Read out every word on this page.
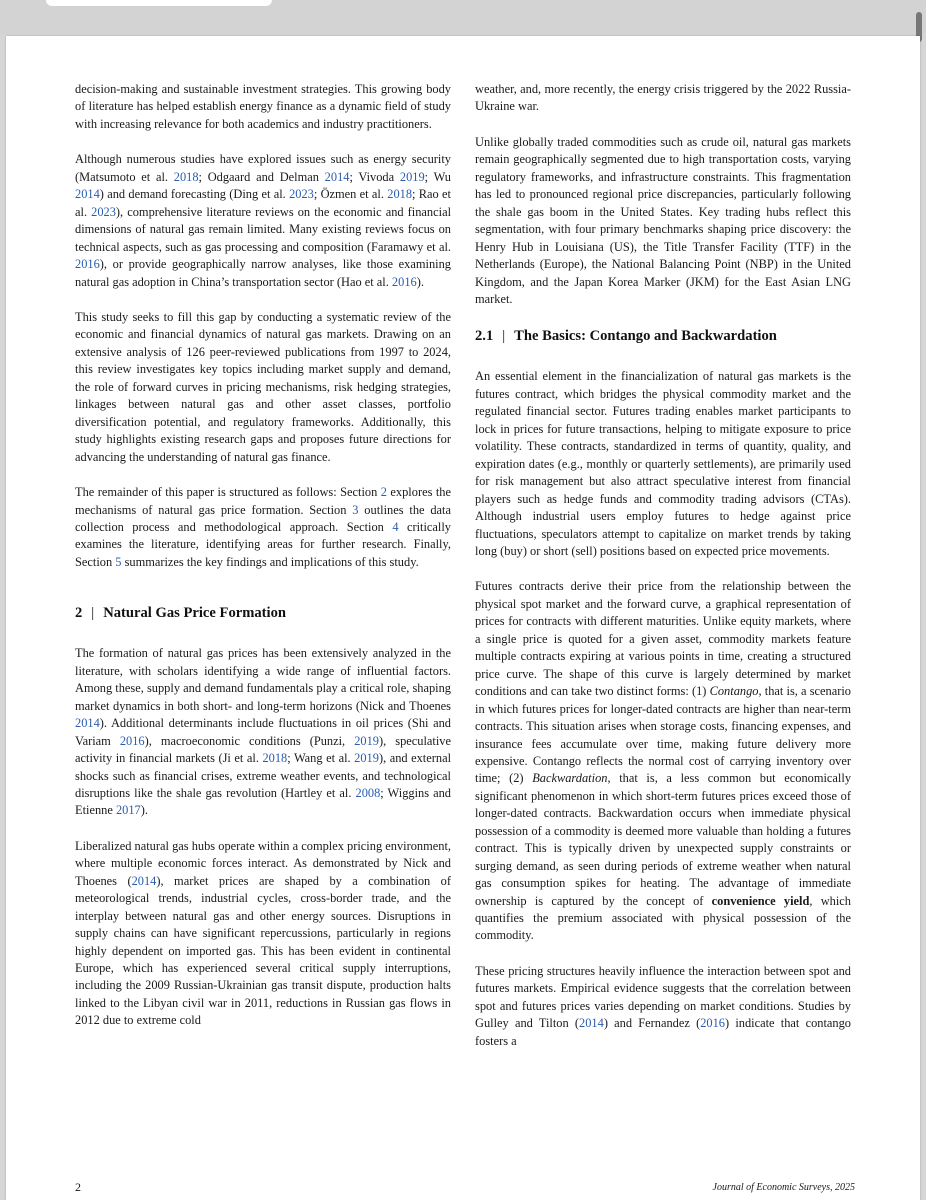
decision-making and sustainable investment strategies. This growing body of literature has helped establish energy finance as a dynamic field of study with increasing relevance for both academics and industry practitioners.

Although numerous studies have explored issues such as energy security (Matsumoto et al. 2018; Odgaard and Delman 2014; Vivoda 2019; Wu 2014) and demand forecasting (Ding et al. 2023; Özmen et al. 2018; Rao et al. 2023), comprehensive literature reviews on the economic and financial dimensions of natural gas remain limited. Many existing reviews focus on technical aspects, such as gas processing and composition (Faramawy et al. 2016), or provide geographically narrow analyses, like those examining natural gas adoption in China’s transportation sector (Hao et al. 2016).

This study seeks to fill this gap by conducting a systematic review of the economic and financial dynamics of natural gas markets. Drawing on an extensive analysis of 126 peer-reviewed publications from 1997 to 2024, this review investigates key topics including market supply and demand, the role of forward curves in pricing mechanisms, risk hedging strategies, linkages between natural gas and other asset classes, portfolio diversification potential, and regulatory frameworks. Additionally, this study highlights existing research gaps and proposes future directions for advancing the understanding of natural gas finance.

The remainder of this paper is structured as follows: Section 2 explores the mechanisms of natural gas price formation. Section 3 outlines the data collection process and methodological approach. Section 4 critically examines the literature, identifying areas for further research. Finally, Section 5 summarizes the key findings and implications of this study.

2 | Natural Gas Price Formation

The formation of natural gas prices has been extensively analyzed in the literature, with scholars identifying a wide range of influential factors. Among these, supply and demand fundamentals play a critical role, shaping market dynamics in both short- and long-term horizons (Nick and Thoenes 2014). Additional determinants include fluctuations in oil prices (Shi and Variam 2016), macroeconomic conditions (Punzi, 2019), speculative activity in financial markets (Ji et al. 2018; Wang et al. 2019), and external shocks such as financial crises, extreme weather events, and technological disruptions like the shale gas revolution (Hartley et al. 2008; Wiggins and Etienne 2017).

Liberalized natural gas hubs operate within a complex pricing environment, where multiple economic forces interact. As demonstrated by Nick and Thoenes (2014), market prices are shaped by a combination of meteorological trends, industrial cycles, cross-border trade, and the interplay between natural gas and other energy sources. Disruptions in supply chains can have significant repercussions, particularly in regions highly dependent on imported gas. This has been evident in continental Europe, which has experienced several critical supply interruptions, including the 2009 Russian-Ukrainian gas transit dispute, production halts linked to the Libyan civil war in 2011, reductions in Russian gas flows in 2012 due to extreme cold

weather, and, more recently, the energy crisis triggered by the 2022 Russia-Ukraine war.

Unlike globally traded commodities such as crude oil, natural gas markets remain geographically segmented due to high transportation costs, varying regulatory frameworks, and infrastructure constraints. This fragmentation has led to pronounced regional price discrepancies, particularly following the shale gas boom in the United States. Key trading hubs reflect this segmentation, with four primary benchmarks shaping price discovery: the Henry Hub in Louisiana (US), the Title Transfer Facility (TTF) in the Netherlands (Europe), the National Balancing Point (NBP) in the United Kingdom, and the Japan Korea Marker (JKM) for the East Asian LNG market.

2.1 | The Basics: Contango and Backwardation

An essential element in the financialization of natural gas markets is the futures contract, which bridges the physical commodity market and the regulated financial sector. Futures trading enables market participants to lock in prices for future transactions, helping to mitigate exposure to price volatility. These contracts, standardized in terms of quantity, quality, and expiration dates (e.g., monthly or quarterly settlements), are primarily used for risk management but also attract speculative interest from financial players such as hedge funds and commodity trading advisors (CTAs). Although industrial users employ futures to hedge against price fluctuations, speculators attempt to capitalize on market trends by taking long (buy) or short (sell) positions based on expected price movements.

Futures contracts derive their price from the relationship between the physical spot market and the forward curve, a graphical representation of prices for contracts with different maturities. Unlike equity markets, where a single price is quoted for a given asset, commodity markets feature multiple contracts expiring at various points in time, creating a structured price curve. The shape of this curve is largely determined by market conditions and can take two distinct forms: (1) Contango, that is, a scenario in which futures prices for longer-dated contracts are higher than near-term contracts. This situation arises when storage costs, financing expenses, and insurance fees accumulate over time, making future delivery more expensive. Contango reflects the normal cost of carrying inventory over time; (2) Backwardation, that is, a less common but economically significant phenomenon in which short-term futures prices exceed those of longer-dated contracts. Backwardation occurs when immediate physical possession of a commodity is deemed more valuable than holding a futures contract. This is typically driven by unexpected supply constraints or surging demand, as seen during periods of extreme weather when natural gas consumption spikes for heating. The advantage of immediate ownership is captured by the concept of convenience yield, which quantifies the premium associated with physical possession of the commodity.

These pricing structures heavily influence the interaction between spot and futures markets. Empirical evidence suggests that the correlation between spot and futures prices varies depending on market conditions. Studies by Gulley and Tilton (2014) and Fernandez (2016) indicate that contango fosters a

2	Journal of Economic Surveys, 2025
